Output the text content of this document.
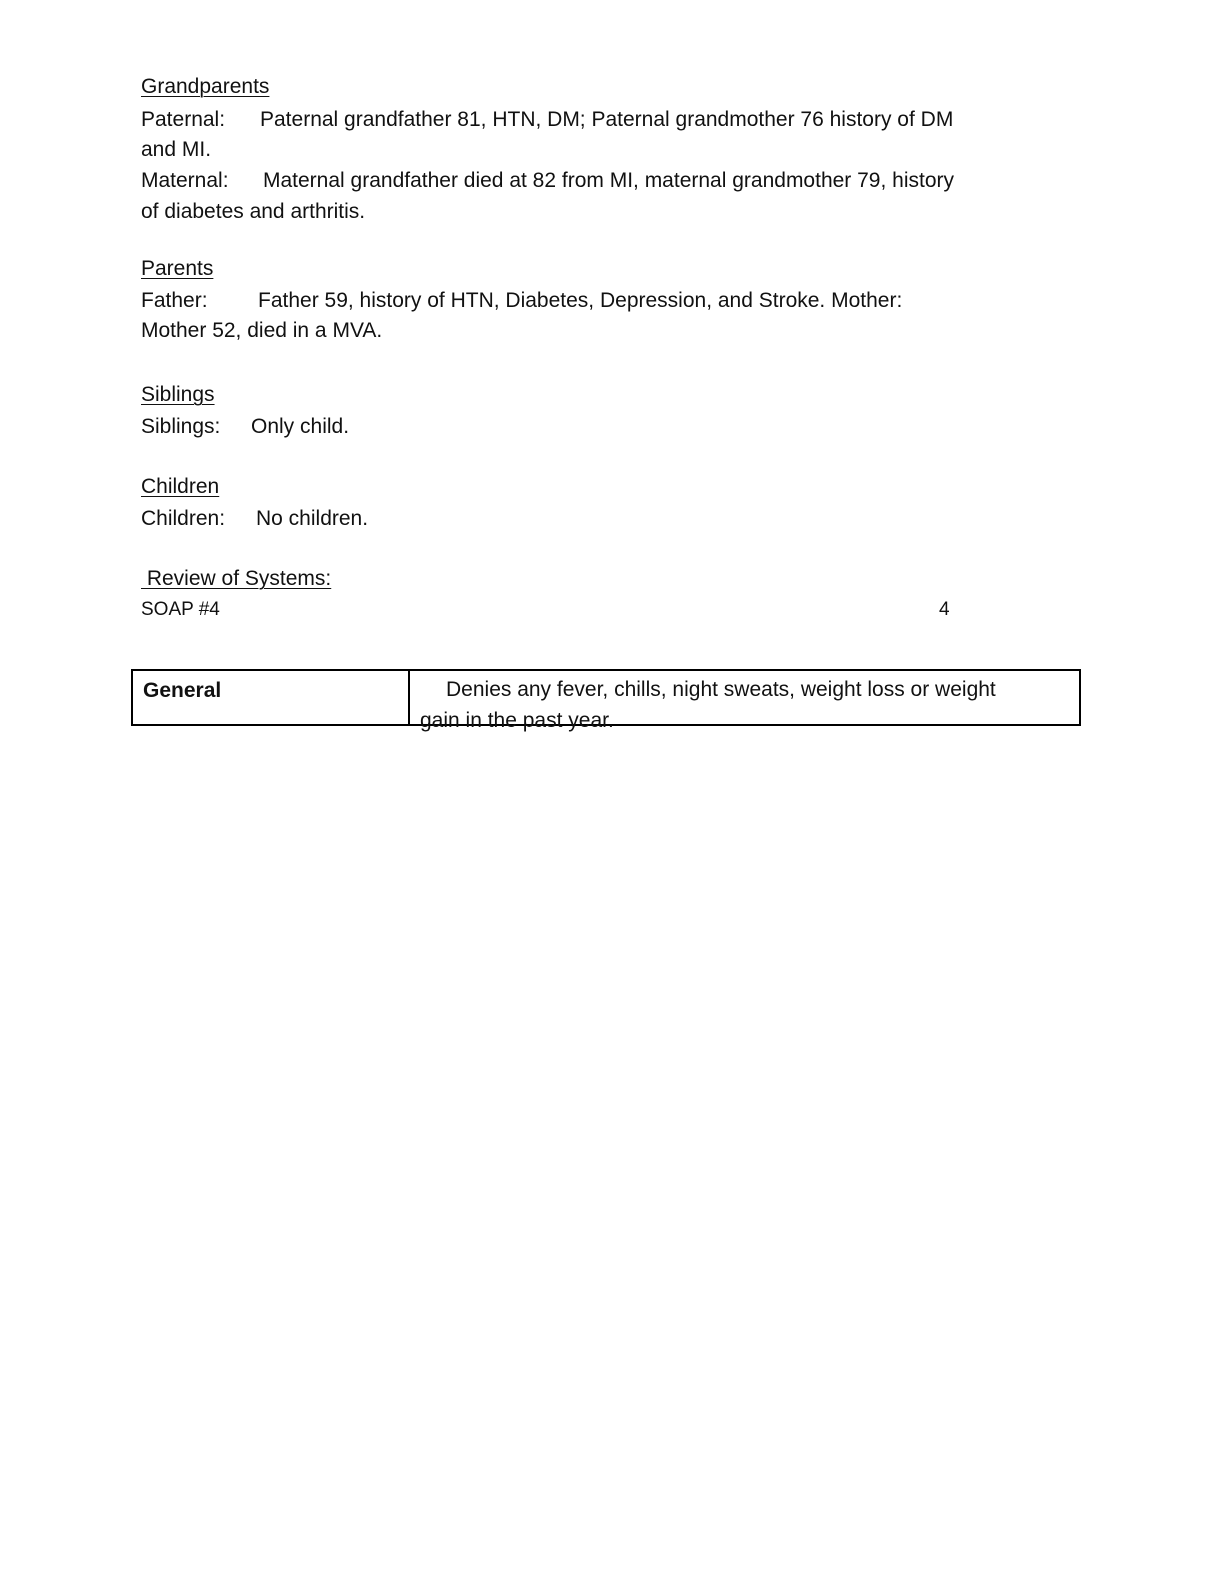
Grandparents
Paternal: Paternal grandfather 81, HTN, DM; Paternal grandmother 76 history of DM
and MI.
Maternal: Maternal grandfather died at 82 from MI, maternal grandmother 79, history
of diabetes and arthritis.
Parents
Father: Father 59, history of HTN, Diabetes, Depression, and Stroke. Mother:
Mother 52, died in a MVA.
Siblings
Siblings: Only child.
Children
Children: No children.
Review of Systems:
SOAP #4	4
General	Denies any fever, chills, night sweats, weight loss or weight gain in the past year.
